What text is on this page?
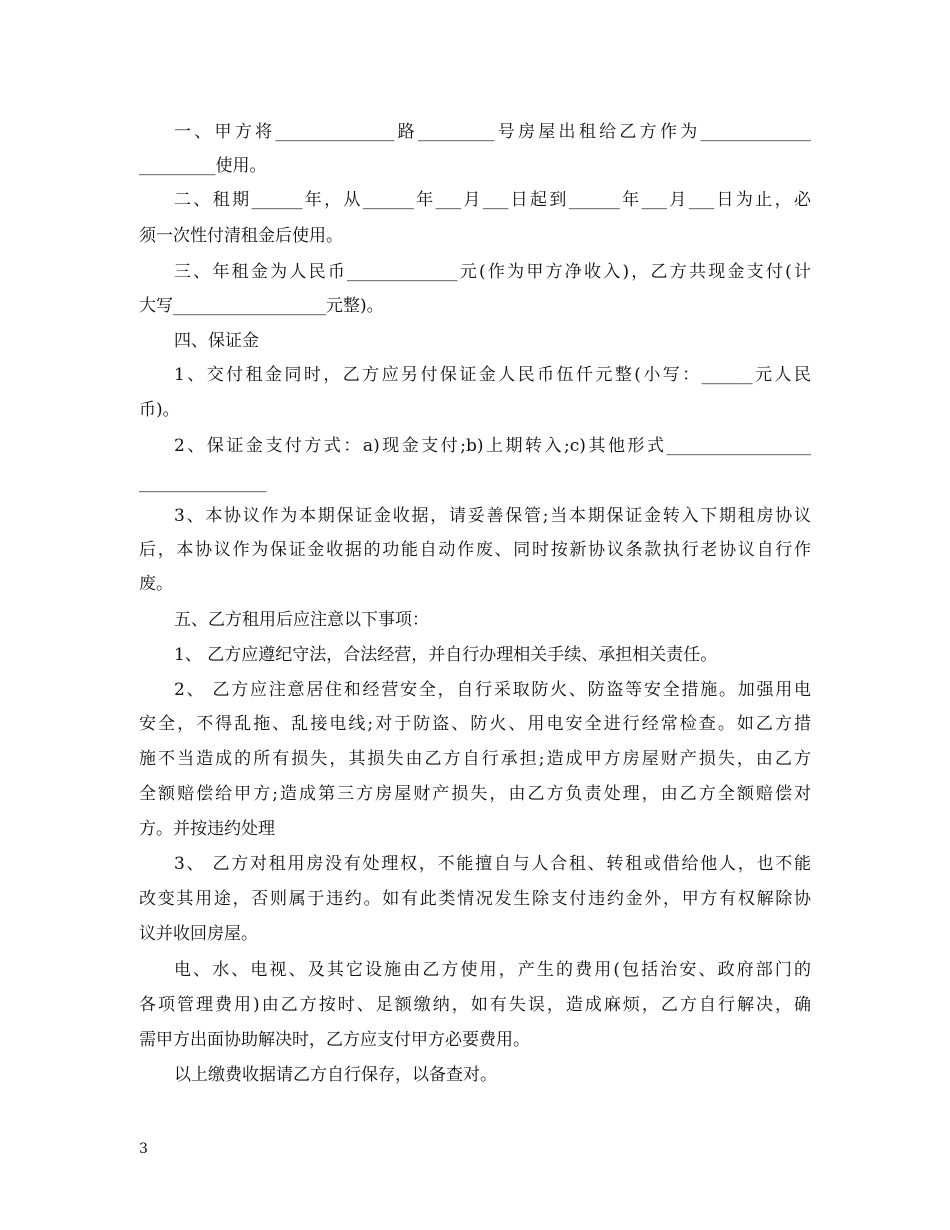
一、甲方将______________路_________号房屋出租给乙方作为_____________
_________使用。
二、租期______年，从______年___月___日起到______年___月___日为止，必
须一次性付清租金后使用。
三、年租金为人民币_____________元(作为甲方净收入)，乙方共现金支付(计
大写__________________元整)。
四、保证金
1、交付租金同时，乙方应另付保证金人民币伍仟元整(小写：______元人民
币)。
2、保证金支付方式：a)现金支付;b)上期转入;c)其他形式_________________
_______________
3、本协议作为本期保证金收据，请妥善保管;当本期保证金转入下期租房协议
后，本协议作为保证金收据的功能自动作废、同时按新协议条款执行老协议自行作
废。
五、乙方租用后应注意以下事项：
1、 乙方应遵纪守法，合法经营，并自行办理相关手续、承担相关责任。
2、 乙方应注意居住和经营安全，自行采取防火、防盗等安全措施。加强用电
安全，不得乱拖、乱接电线;对于防盗、防火、用电安全进行经常检查。如乙方措
施不当造成的所有损失，其损失由乙方自行承担;造成甲方房屋财产损失，由乙方
全额赔偿给甲方;造成第三方房屋财产损失，由乙方负责处理，由乙方全额赔偿对
方。并按违约处理
3、 乙方对租用房没有处理权，不能擅自与人合租、转租或借给他人，也不能
改变其用途，否则属于违约。如有此类情况发生除支付违约金外，甲方有权解除协
议并收回房屋。
电、水、电视、及其它设施由乙方使用，产生的费用(包括治安、政府部门的
各项管理费用)由乙方按时、足额缴纳，如有失误，造成麻烦，乙方自行解决，确
需甲方出面协助解决时，乙方应支付甲方必要费用。
以上缴费收据请乙方自行保存，以备查对。
3
